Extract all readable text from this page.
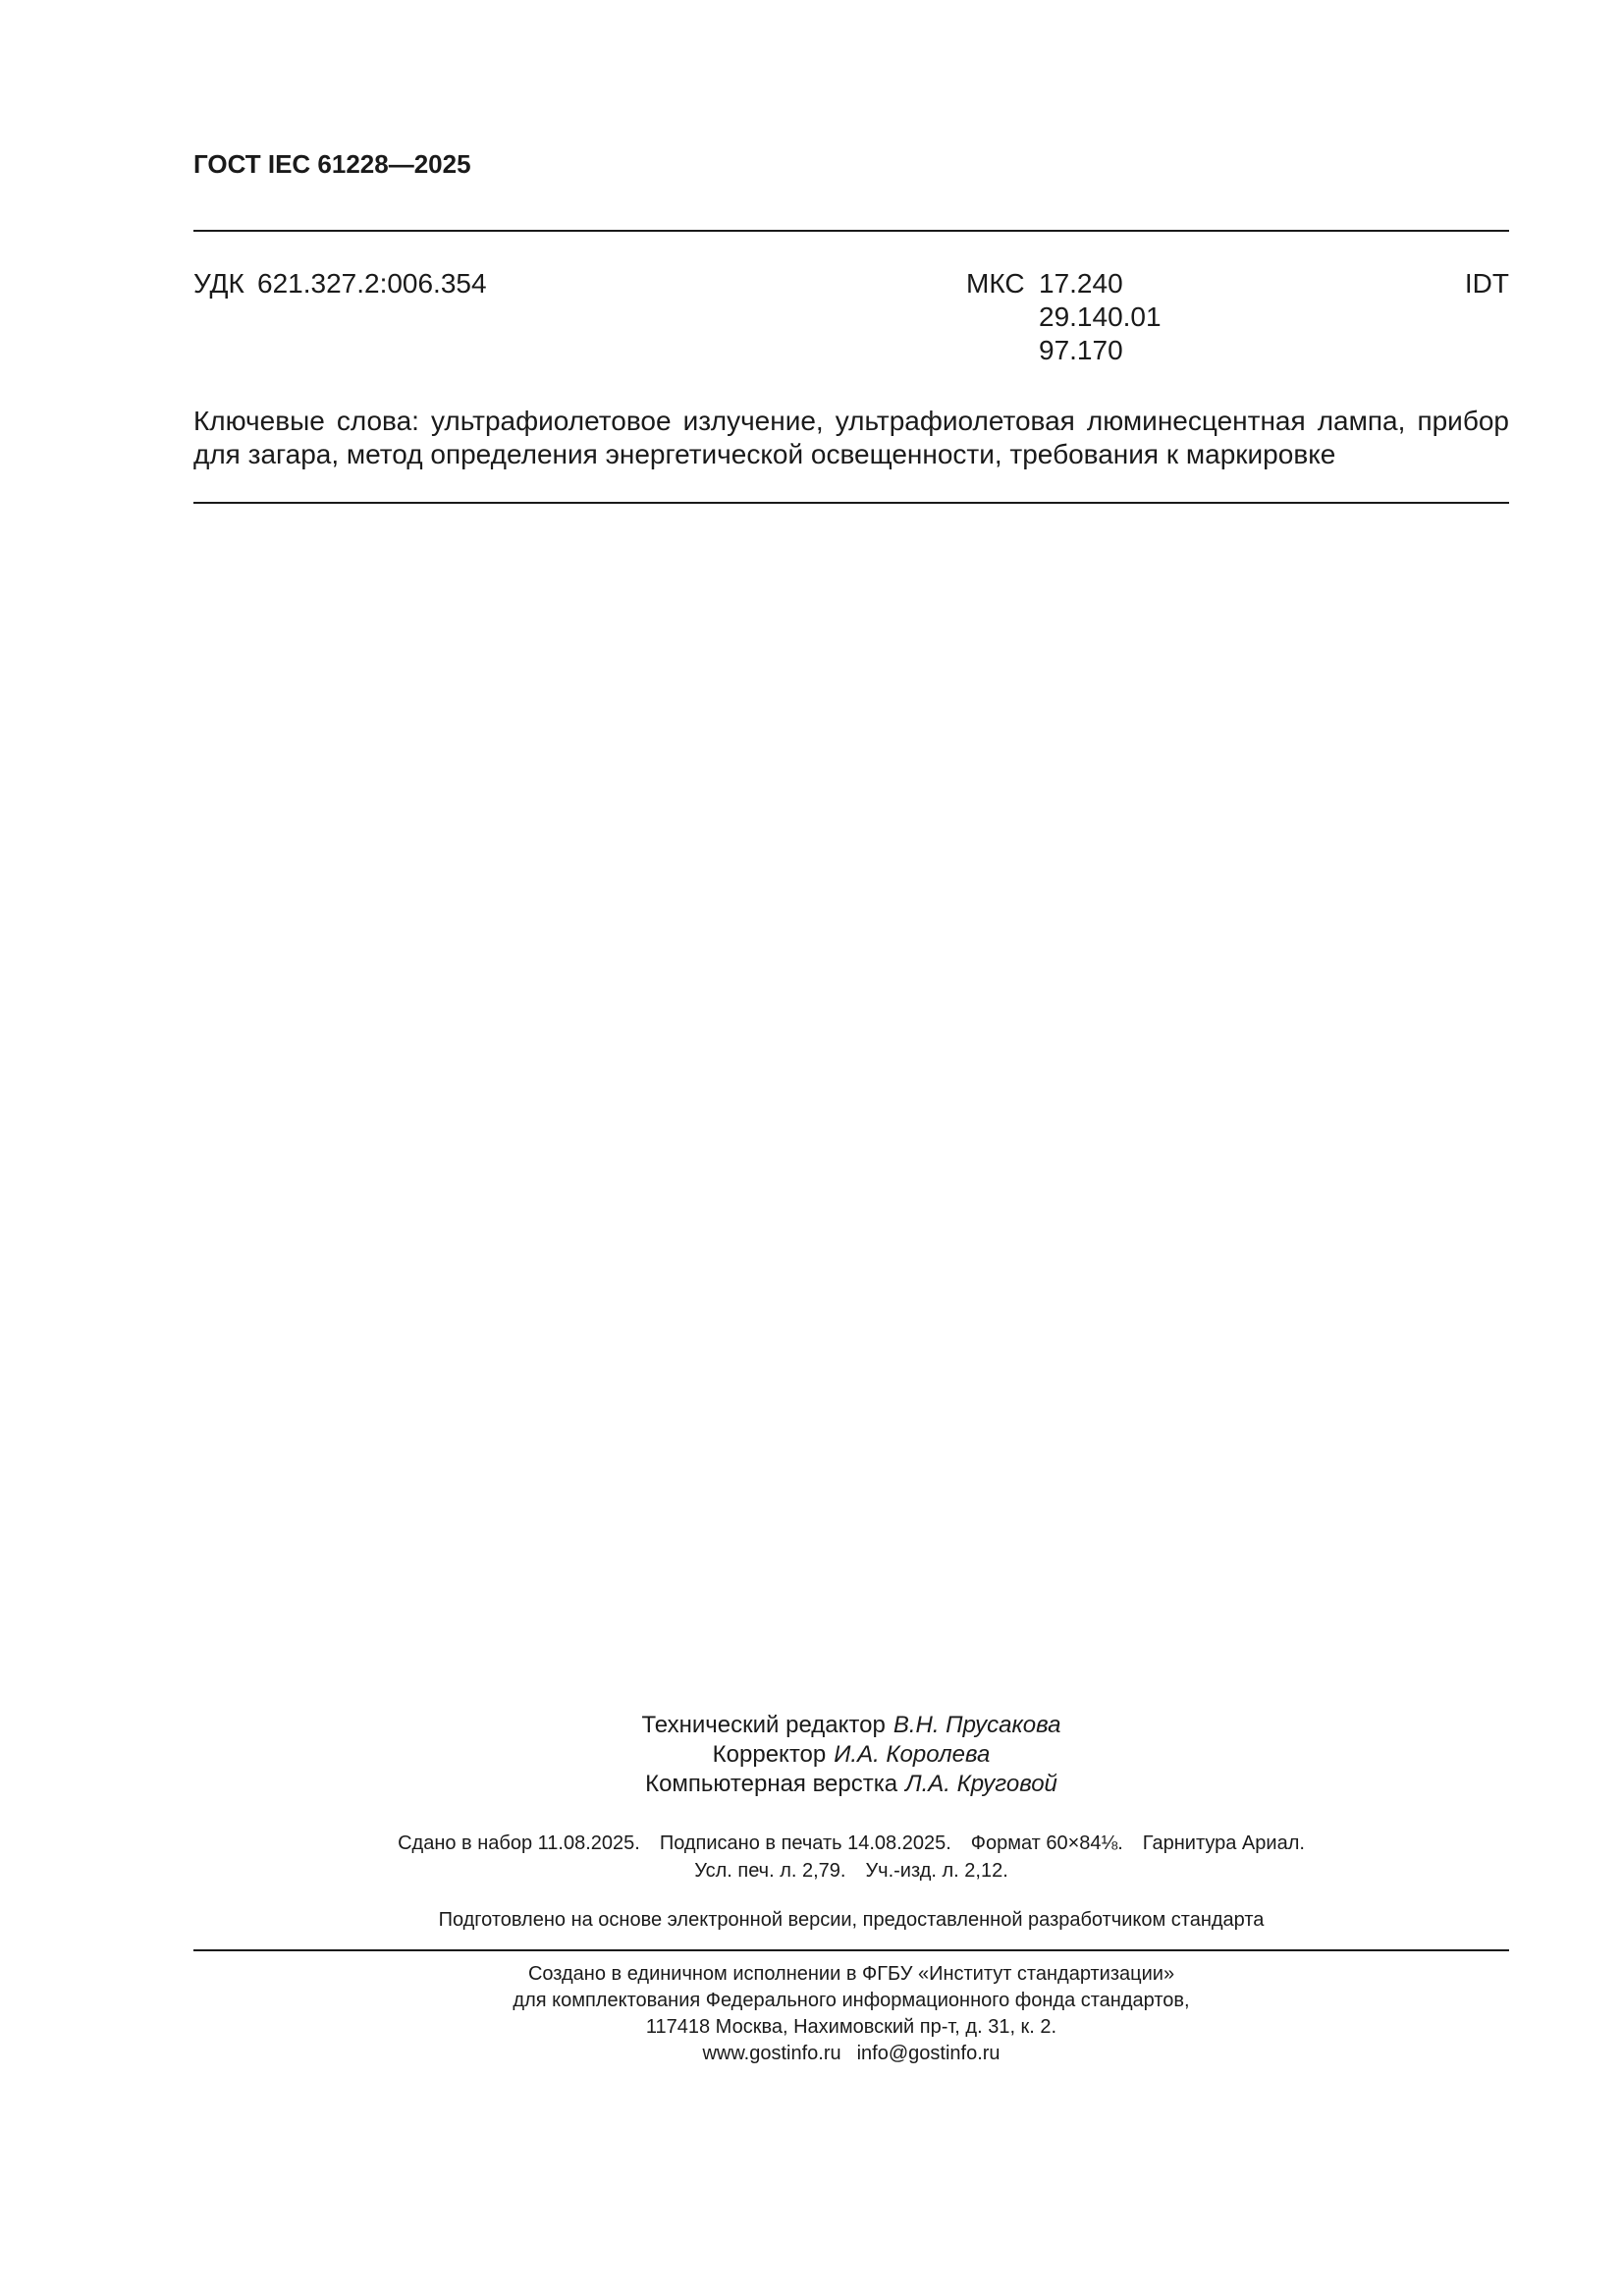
ГОСТ IEC 61228—2025
УДК 621.327.2:006.354	МКС 17.240
29.140.01
97.170
IDT
Ключевые слова: ультрафиолетовое излучение, ультрафиолетовая люминесцентная лампа, прибор
для загара, метод определения энергетической освещенности, требования к маркировке
Технический редактор В.Н. Прусакова
Корректор И.А. Королева
Компьютерная верстка Л.А. Круговой
Сдано в набор 11.08.2025. Подписано в печать 14.08.2025. Формат 60×84⅛. Гарнитура Ариал.
Усл. печ. л. 2,79. Уч.-изд. л. 2,12.
Подготовлено на основе электронной версии, предоставленной разработчиком стандарта
Создано в единичном исполнении в ФГБУ «Институт стандартизации»
для комплектования Федерального информационного фонда стандартов,
117418 Москва, Нахимовский пр-т, д. 31, к. 2.
www.gostinfo.ru info@gostinfo.ru
